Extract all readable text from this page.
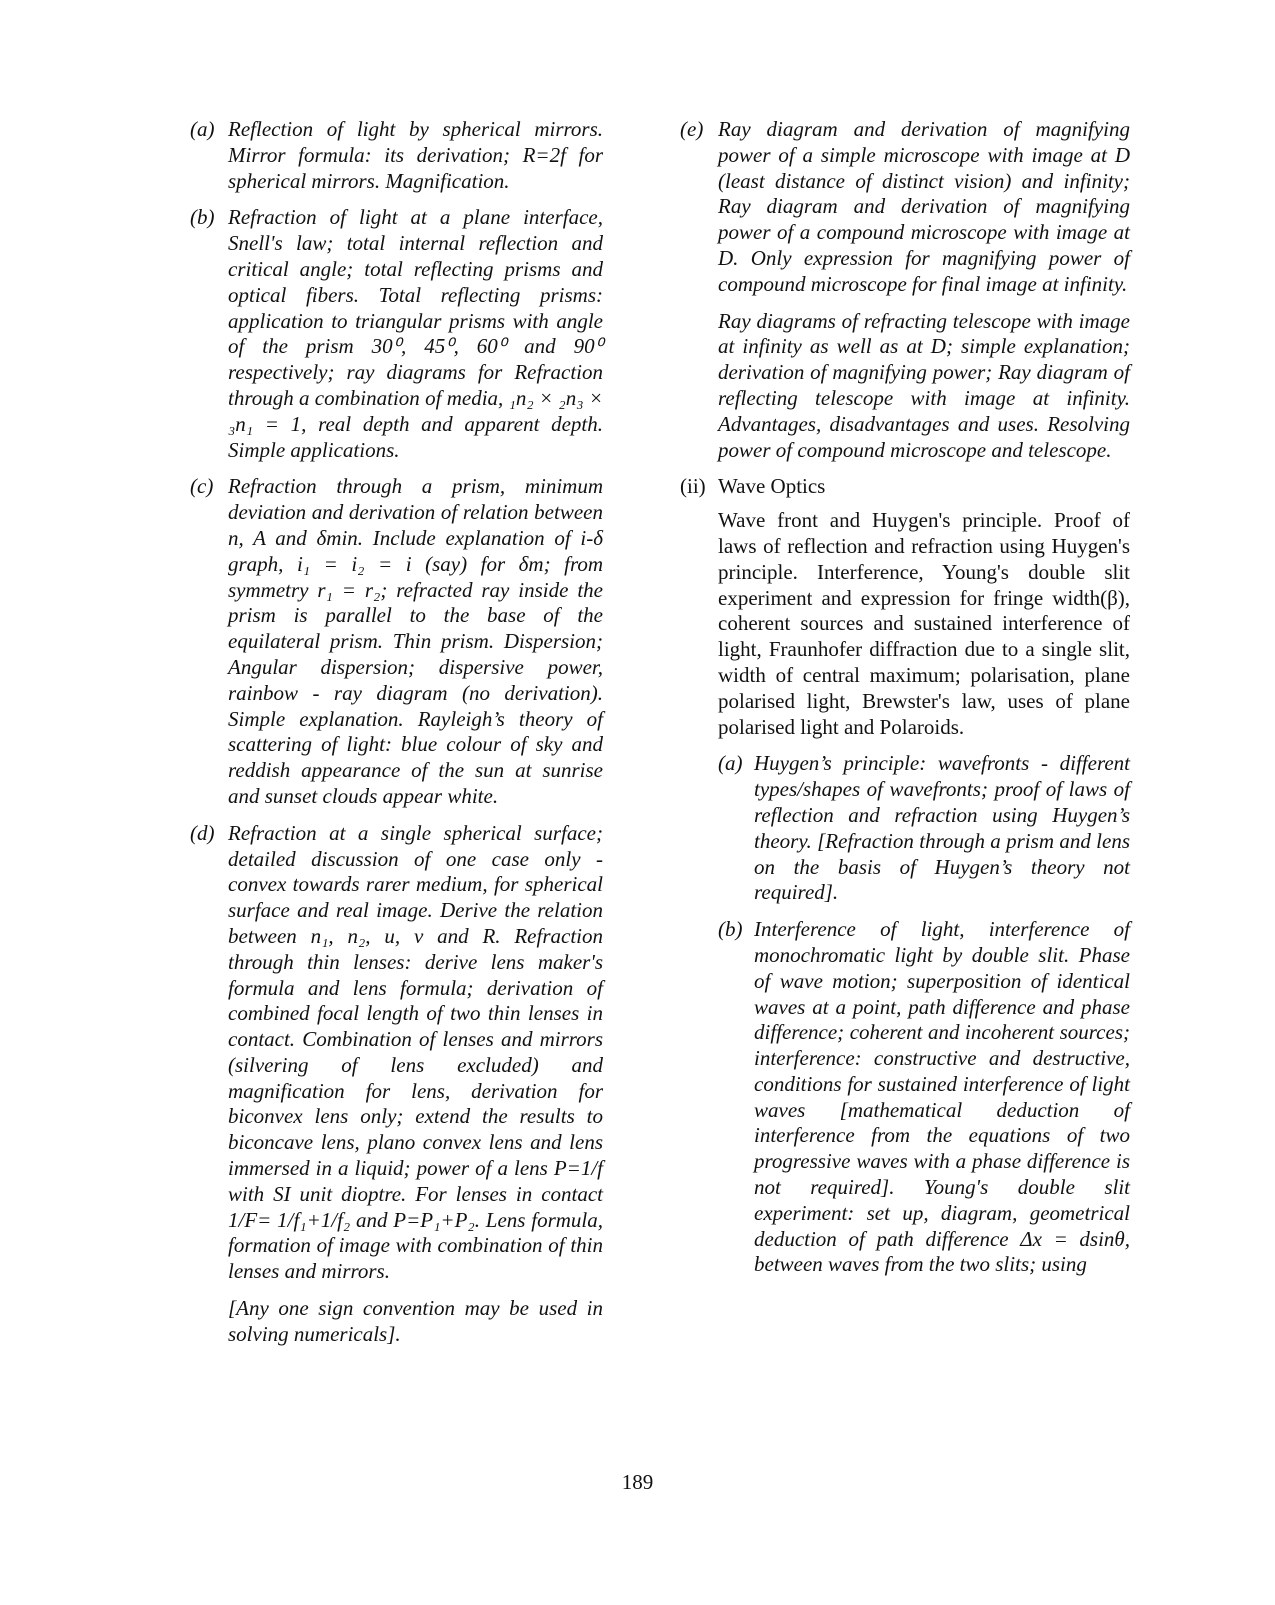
(a) Reflection of light by spherical mirrors. Mirror formula: its derivation; R=2f for spherical mirrors. Magnification.
(b) Refraction of light at a plane interface, Snell's law; total internal reflection and critical angle; total reflecting prisms and optical fibers. Total reflecting prisms: application to triangular prisms with angle of the prism 30⁰, 45⁰, 60⁰ and 90⁰ respectively; ray diagrams for Refraction through a combination of media, ₁n₂ × ₂n₃ × ₃n₁ = 1, real depth and apparent depth. Simple applications.
(c) Refraction through a prism, minimum deviation and derivation of relation between n, A and δmin. Include explanation of i-δ graph, i₁ = i₂ = i (say) for δm; from symmetry r₁ = r₂; refracted ray inside the prism is parallel to the base of the equilateral prism. Thin prism. Dispersion; Angular dispersion; dispersive power, rainbow - ray diagram (no derivation). Simple explanation. Rayleigh’s theory of scattering of light: blue colour of sky and reddish appearance of the sun at sunrise and sunset clouds appear white.
(d) Refraction at a single spherical surface; detailed discussion of one case only - convex towards rarer medium, for spherical surface and real image. Derive the relation between n₁, n₂, u, v and R. Refraction through thin lenses: derive lens maker's formula and lens formula; derivation of combined focal length of two thin lenses in contact. Combination of lenses and mirrors (silvering of lens excluded) and magnification for lens, derivation for biconvex lens only; extend the results to biconcave lens, plano convex lens and lens immersed in a liquid; power of a lens P=1/f with SI unit dioptre. For lenses in contact 1/F= 1/f₁+1/f₂ and P=P₁+P₂. Lens formula, formation of image with combination of thin lenses and mirrors.
[Any one sign convention may be used in solving numericals].
(e) Ray diagram and derivation of magnifying power of a simple microscope with image at D (least distance of distinct vision) and infinity; Ray diagram and derivation of magnifying power of a compound microscope with image at D. Only expression for magnifying power of compound microscope for final image at infinity.
Ray diagrams of refracting telescope with image at infinity as well as at D; simple explanation; derivation of magnifying power; Ray diagram of reflecting telescope with image at infinity. Advantages, disadvantages and uses. Resolving power of compound microscope and telescope.
(ii) Wave Optics
Wave front and Huygen's principle. Proof of laws of reflection and refraction using Huygen's principle. Interference, Young's double slit experiment and expression for fringe width(β), coherent sources and sustained interference of light, Fraunhofer diffraction due to a single slit, width of central maximum; polarisation, plane polarised light, Brewster's law, uses of plane polarised light and Polaroids.
(a) Huygen’s principle: wavefronts - different types/shapes of wavefronts; proof of laws of reflection and refraction using Huygen’s theory. [Refraction through a prism and lens on the basis of Huygen’s theory not required].
(b) Interference of light, interference of monochromatic light by double slit. Phase of wave motion; superposition of identical waves at a point, path difference and phase difference; coherent and incoherent sources; interference: constructive and destructive, conditions for sustained interference of light waves [mathematical deduction of interference from the equations of two progressive waves with a phase difference is not required]. Young's double slit experiment: set up, diagram, geometrical deduction of path difference Δx = dsinθ, between waves from the two slits; using
189
